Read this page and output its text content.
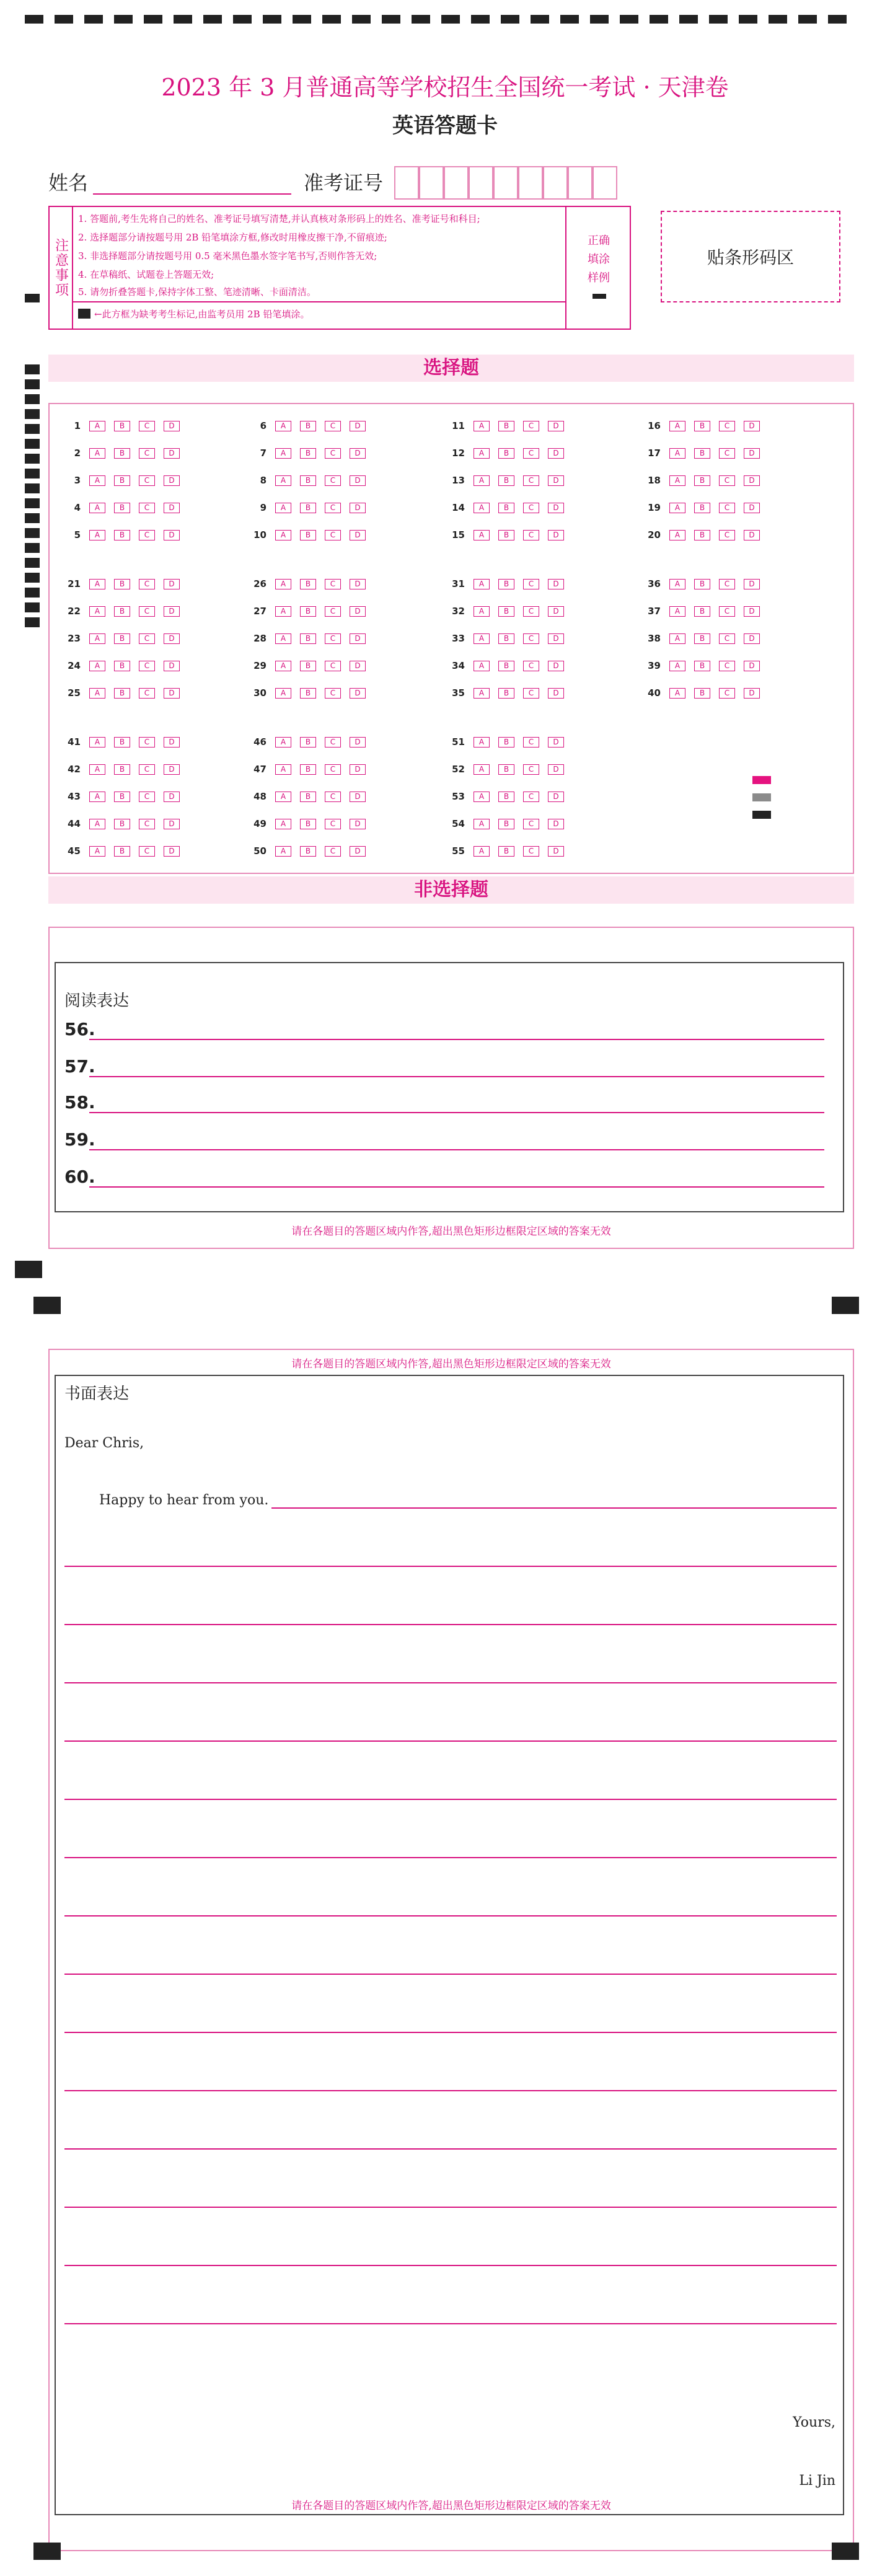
2023 年 3 月普通高等学校招生全国统一考试 · 天津卷
英语答题卡
姓名	准考证号
注意事项
1. 答题前,考生先将自己的姓名、准考证号填写清楚,并认真核对条形码上的姓名、准考证号和科目;
2. 选择题部分请按题号用 2B 铅笔填涂方框,修改时用橡皮擦干净,不留痕迹;
3. 非选择题部分请按题号用 0.5 毫米黑色墨水签字笔书写,否则作答无效;
4. 在草稿纸、试题卷上答题无效;
5. 请勿折叠答题卡,保持字体工整、笔迹清晰、卡面清洁。
←此方框为缺考考生标记,由监考员用 2B 铅笔填涂。
正确
填涂
样例
贴条形码区
选择题
1	A	B	C	D
2	A	B	C	D
3	A	B	C	D
4	A	B	C	D
5	A	B	C	D
6	A	B	C	D
7	A	B	C	D
8	A	B	C	D
9	A	B	C	D
10	A	B	C	D
11	A	B	C	D
12	A	B	C	D
13	A	B	C	D
14	A	B	C	D
15	A	B	C	D
16	A	B	C	D
17	A	B	C	D
18	A	B	C	D
19	A	B	C	D
20	A	B	C	D
21	A	B	C	D
22	A	B	C	D
23	A	B	C	D
24	A	B	C	D
25	A	B	C	D
26	A	B	C	D
27	A	B	C	D
28	A	B	C	D
29	A	B	C	D
30	A	B	C	D
31	A	B	C	D
32	A	B	C	D
33	A	B	C	D
34	A	B	C	D
35	A	B	C	D
36	A	B	C	D
37	A	B	C	D
38	A	B	C	D
39	A	B	C	D
40	A	B	C	D
41	A	B	C	D
42	A	B	C	D
43	A	B	C	D
44	A	B	C	D
45	A	B	C	D
46	A	B	C	D
47	A	B	C	D
48	A	B	C	D
49	A	B	C	D
50	A	B	C	D
51	A	B	C	D
52	A	B	C	D
53	A	B	C	D
54	A	B	C	D
55	A	B	C	D
非选择题
阅读表达
56.
57.
58.
59.
60.
请在各题目的答题区域内作答,超出黑色矩形边框限定区域的答案无效
请在各题目的答题区域内作答,超出黑色矩形边框限定区域的答案无效
书面表达
Dear Chris,
Happy to hear from you.
Yours,
Li Jin
请在各题目的答题区域内作答,超出黑色矩形边框限定区域的答案无效
